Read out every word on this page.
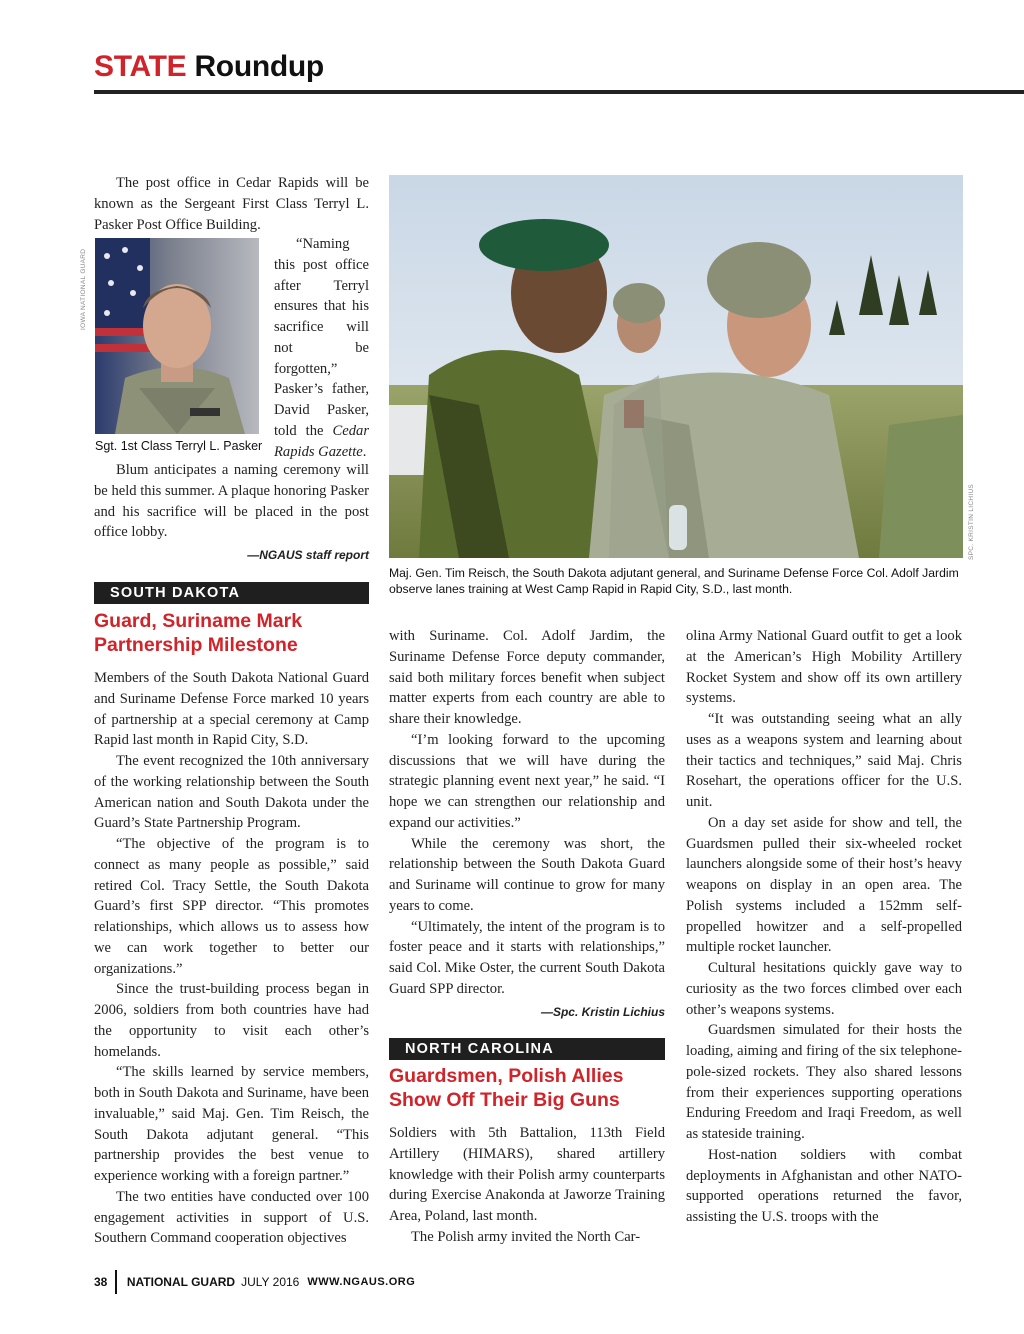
STATE Roundup

The post office in Cedar Rapids will be known as the Sergeant First Class Terryl L. Pasker Post Office Building.

IOWA NATIONAL GUARD
Sgt. 1st Class Terryl L. Pasker

“Naming this post office after Terryl ensures that his sacrifice will not be forgotten,” Pasker’s father, David Pasker, told the Cedar Rapids Gazette.

Blum anticipates a naming ceremony will be held this summer. A plaque honoring Pasker and his sacrifice will be placed in the post office lobby.

—NGAUS staff report
SOUTH DAKOTA
Guard, Suriname Mark Partnership Milestone

Members of the South Dakota National Guard and Suriname Defense Force marked 10 years of partnership at a special ceremony at Camp Rapid last month in Rapid City, S.D.

The event recognized the 10th anniversary of the working relationship between the South American nation and South Dakota under the Guard’s State Partnership Program.

“The objective of the program is to connect as many people as possible,” said retired Col. Tracy Settle, the South Dakota Guard’s first SPP director. “This promotes relationships, which allows us to assess how we can work together to better our organizations.”

Since the trust-building process began in 2006, soldiers from both countries have had the opportunity to visit each other’s homelands.

“The skills learned by service members, both in South Dakota and Suriname, have been invaluable,” said Maj. Gen. Tim Reisch, the South Dakota adjutant general. “This partnership provides the best venue to experience working with a foreign partner.”

The two entities have conducted over 100 engagement activities in support of U.S. Southern Command cooperation objectives

SPC. KRISTIN LICHIUS
Maj. Gen. Tim Reisch, the South Dakota adjutant general, and Suriname Defense Force Col. Adolf Jardim observe lanes training at West Camp Rapid in Rapid City, S.D., last month.

with Suriname. Col. Adolf Jardim, the Suriname Defense Force deputy commander, said both military forces benefit when subject matter experts from each country are able to share their knowledge.

“I’m looking forward to the upcoming discussions that we will have during the strategic planning event next year,” he said. “I hope we can strengthen our relationship and expand our activities.”

While the ceremony was short, the relationship between the South Dakota Guard and Suriname will continue to grow for many years to come.

“Ultimately, the intent of the program is to foster peace and it starts with relationships,” said Col. Mike Oster, the current South Dakota Guard SPP director.

—Spc. Kristin Lichius
NORTH CAROLINA
Guardsmen, Polish Allies Show Off Their Big Guns

Soldiers with 5th Battalion, 113th Field Artillery (HIMARS), shared artillery knowledge with their Polish army counterparts during Exercise Anakonda at Jaworze Training Area, Poland, last month.

The Polish army invited the North Car-

olina Army National Guard outfit to get a look at the American’s High Mobility Artillery Rocket System and show off its own artillery systems.

“It was outstanding seeing what an ally uses as a weapons system and learning about their tactics and techniques,” said Maj. Chris Rosehart, the operations officer for the U.S. unit.

On a day set aside for show and tell, the Guardsmen pulled their six-wheeled rocket launchers alongside some of their host’s heavy weapons on display in an open area. The Polish systems included a 152mm self-propelled howitzer and a self-propelled multiple rocket launcher.

Cultural hesitations quickly gave way to curiosity as the two forces climbed over each other’s weapons systems.

Guardsmen simulated for their hosts the loading, aiming and firing of the six telephone-pole-sized rockets. They also shared lessons from their experiences supporting operations Enduring Freedom and Iraqi Freedom, as well as stateside training.

Host-nation soldiers with combat deployments in Afghanistan and other NATO-supported operations returned the favor, assisting the U.S. troops with the

38 NATIONAL GUARD JULY 2016 WWW.NGAUS.ORG
